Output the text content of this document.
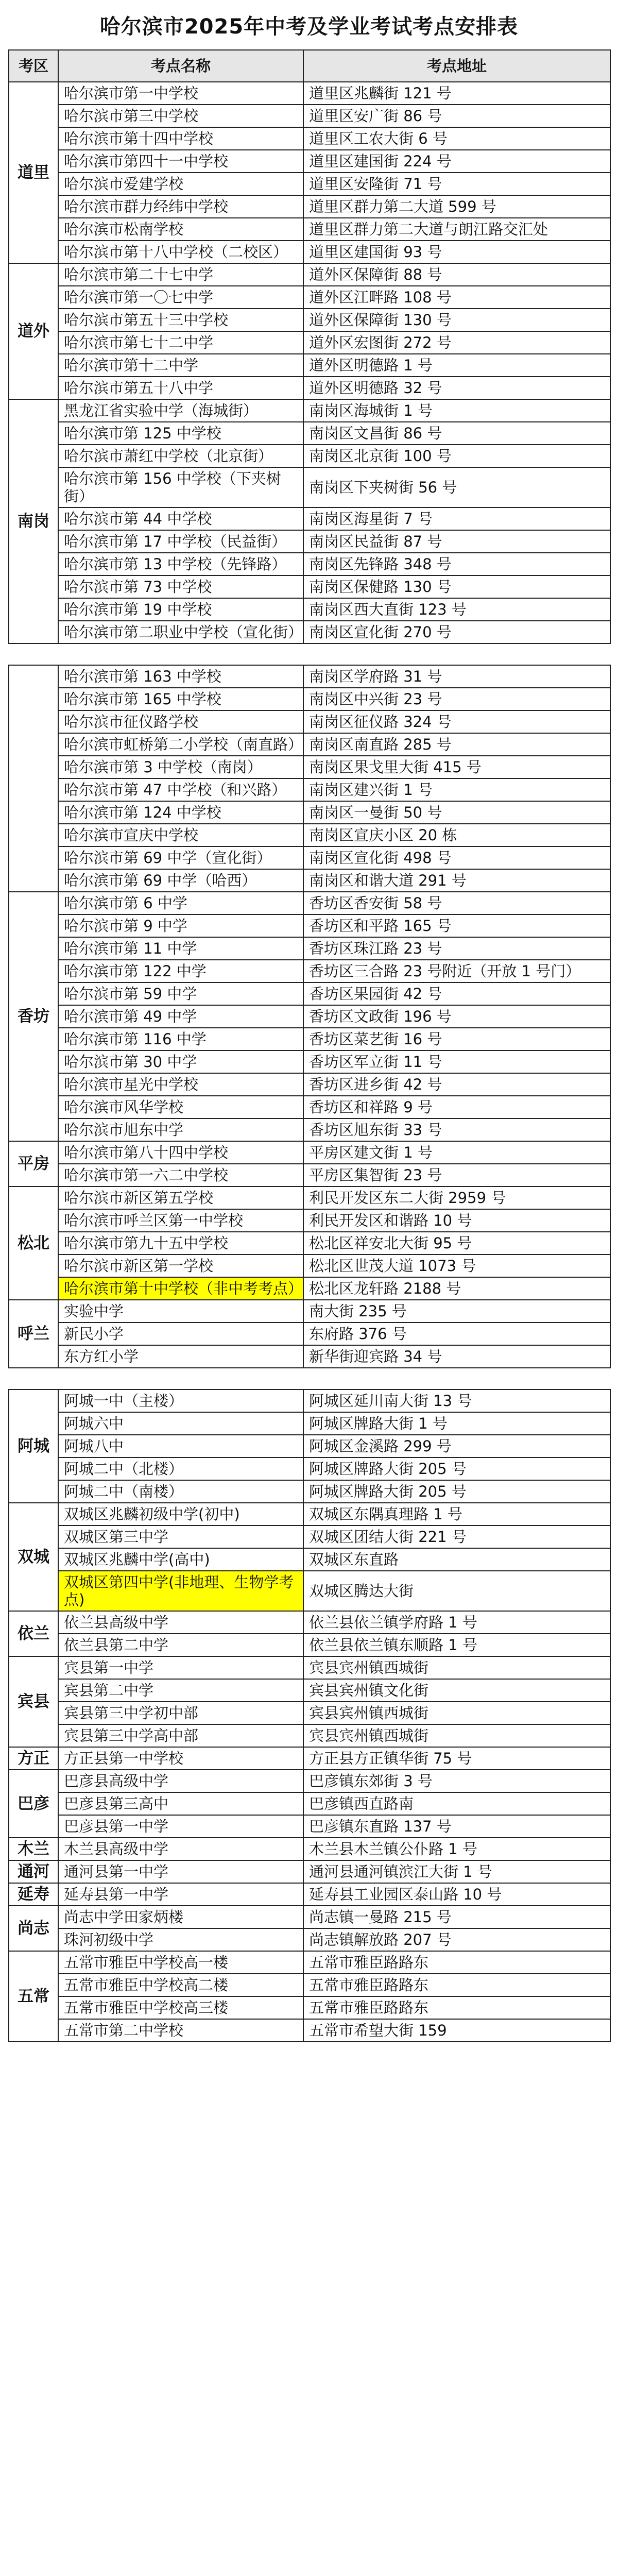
哈尔滨市2025年中考及学业考试考点安排表
考区	考点名称	考点地址
道里	哈尔滨市第一中学校	道里区兆麟街 121 号
	哈尔滨市第三中学校	道里区安广街 86 号
	哈尔滨市第十四中学校	道里区工农大街 6 号
	哈尔滨市第四十一中学校	道里区建国街 224 号
	哈尔滨市爱建学校	道里区安隆街 71 号
	哈尔滨市群力经纬中学校	道里区群力第二大道 599 号
	哈尔滨市松南学校	道里区群力第二大道与朗江路交汇处
	哈尔滨市第十八中学校（二校区）	道里区建国街 93 号
道外	哈尔滨市第二十七中学	道外区保障街 88 号
	哈尔滨市第一〇七中学	道外区江畔路 108 号
	哈尔滨市第五十三中学校	道外区保障街 130 号
	哈尔滨市第七十二中学	道外区宏图街 272 号
	哈尔滨市第十二中学	道外区明德路 1 号
	哈尔滨市第五十八中学	道外区明德路 32 号
南岗	黑龙江省实验中学（海城街）	南岗区海城街 1 号
	哈尔滨市第 125 中学校	南岗区文昌街 86 号
	哈尔滨市萧红中学校（北京街）	南岗区北京街 100 号
	哈尔滨市第 156 中学校（下夹树街）	南岗区下夹树街 56 号
	哈尔滨市第 44 中学校	南岗区海星街 7 号
	哈尔滨市第 17 中学校（民益街）	南岗区民益街 87 号
	哈尔滨市第 13 中学校（先锋路）	南岗区先锋路 348 号
	哈尔滨市第 73 中学校	南岗区保健路 130 号
	哈尔滨市第 19 中学校	南岗区西大直街 123 号
	哈尔滨市第二职业中学校（宣化街）	南岗区宣化街 270 号
	哈尔滨市第 163 中学校	南岗区学府路 31 号
	哈尔滨市第 165 中学校	南岗区中兴街 23 号
	哈尔滨市征仪路学校	南岗区征仪路 324 号
	哈尔滨市虹桥第二小学校（南直路）	南岗区南直路 285 号
	哈尔滨市第 3 中学校（南岗）	南岗区果戈里大街 415 号
	哈尔滨市第 47 中学校（和兴路）	南岗区建兴街 1 号
	哈尔滨市第 124 中学校	南岗区一曼街 50 号
	哈尔滨市宣庆中学校	南岗区宣庆小区 20 栋
	哈尔滨市第 69 中学（宣化街）	南岗区宣化街 498 号
	哈尔滨市第 69 中学（哈西）	南岗区和谐大道 291 号
香坊	哈尔滨市第 6 中学	香坊区香安街 58 号
	哈尔滨市第 9 中学	香坊区和平路 165 号
	哈尔滨市第 11 中学	香坊区珠江路 23 号
	哈尔滨市第 122 中学	香坊区三合路 23 号附近（开放 1 号门）
	哈尔滨市第 59 中学	香坊区果园街 42 号
	哈尔滨市第 49 中学	香坊区文政街 196 号
	哈尔滨市第 116 中学	香坊区菜艺街 16 号
	哈尔滨市第 30 中学	香坊区军立街 11 号
	哈尔滨市星光中学校	香坊区进乡街 42 号
	哈尔滨市风华学校	香坊区和祥路 9 号
	哈尔滨市旭东中学	香坊区旭东街 33 号
平房	哈尔滨市第八十四中学校	平房区建文街 1 号
	哈尔滨市第一六二中学校	平房区集智街 23 号
松北	哈尔滨市新区第五学校	利民开发区东二大街 2959 号
	哈尔滨市呼兰区第一中学校	利民开发区和谐路 10 号
	哈尔滨市第九十五中学校	松北区祥安北大街 95 号
	哈尔滨市新区第一学校	松北区世茂大道 1073 号
	哈尔滨市第十中学校（非中考考点）	松北区龙轩路 2188 号
呼兰	实验中学	南大街 235 号
	新民小学	东府路 376 号
	东方红小学	新华街迎宾路 34 号
阿城	阿城一中（主楼）	阿城区延川南大街 13 号
	阿城六中	阿城区牌路大街 1 号
	阿城八中	阿城区金溪路 299 号
	阿城二中（北楼）	阿城区牌路大街 205 号
	阿城二中（南楼）	阿城区牌路大街 205 号
双城	双城区兆麟初级中学(初中)	双城区东隅真理路 1 号
	双城区第三中学	双城区团结大街 221 号
	双城区兆麟中学(高中)	双城区东直路
	双城区第四中学(非地理、生物学考点)	双城区腾达大街
依兰	依兰县高级中学	依兰县依兰镇学府路 1 号
	依兰县第二中学	依兰县依兰镇东顺路 1 号
宾县	宾县第一中学	宾县宾州镇西城街
	宾县第二中学	宾县宾州镇文化街
	宾县第三中学初中部	宾县宾州镇西城街
	宾县第三中学高中部	宾县宾州镇西城街
方正	方正县第一中学校	方正县方正镇华街 75 号
巴彦	巴彦县高级中学	巴彦镇东郊街 3 号
	巴彦县第三高中	巴彦镇西直路南
	巴彦县第一中学	巴彦镇东直路 137 号
木兰	木兰县高级中学	木兰县木兰镇公仆路 1 号
通河	通河县第一中学	通河县通河镇滨江大街 1 号
延寿	延寿县第一中学	延寿县工业园区泰山路 10 号
尚志	尚志中学田家炳楼	尚志镇一曼路 215 号
	珠河初级中学	尚志镇解放路 207 号
五常	五常市雅臣中学校高一楼	五常市雅臣路路东
	五常市雅臣中学校高二楼	五常市雅臣路路东
	五常市雅臣中学校高三楼	五常市雅臣路路东
	五常市第二中学校	五常市希望大街 159
